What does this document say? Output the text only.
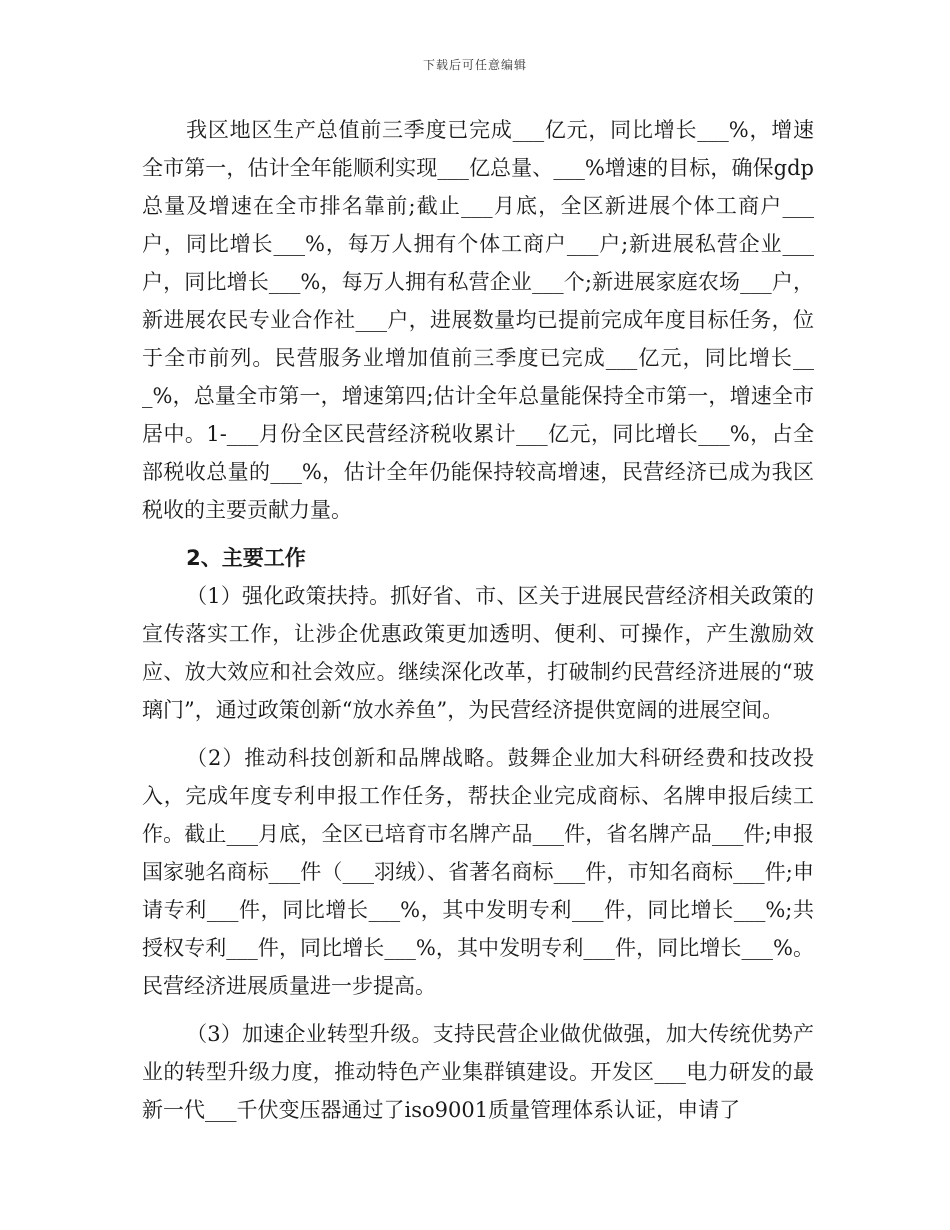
下载后可任意编辑

我区地区生产总值前三季度已完成___亿元，同比增长___%，增速全市第一，估计全年能顺利实现___亿总量、___%增速的目标，确保gdp总量及增速在全市排名靠前;截止___月底，全区新进展个体工商户___户，同比增长___%，每万人拥有个体工商户___户;新进展私营企业___户，同比增长___%，每万人拥有私营企业___个;新进展家庭农场___户，新进展农民专业合作社___户，进展数量均已提前完成年度目标任务，位于全市前列。民营服务业增加值前三季度已完成___亿元，同比增长___%，总量全市第一，增速第四;估计全年总量能保持全市第一，增速全市居中。1-___月份全区民营经济税收累计___亿元，同比增长___%，占全部税收总量的___%，估计全年仍能保持较高增速，民营经济已成为我区税收的主要贡献力量。

2、主要工作

（1）强化政策扶持。抓好省、市、区关于进展民营经济相关政策的宣传落实工作，让涉企优惠政策更加透明、便利、可操作，产生激励效应、放大效应和社会效应。继续深化改革，打破制约民营经济进展的“玻璃门”，通过政策创新“放水养鱼”，为民营经济提供宽阔的进展空间。

（2）推动科技创新和品牌战略。鼓舞企业加大科研经费和技改投入，完成年度专利申报工作任务，帮扶企业完成商标、名牌申报后续工作。截止___月底，全区已培育市名牌产品___件，省名牌产品___件;申报国家驰名商标___件（___羽绒）、省著名商标___件，市知名商标___件;申请专利___件，同比增长___%，其中发明专利___件，同比增长___%;共授权专利___件，同比增长___%，其中发明专利___件，同比增长___%。民营经济进展质量进一步提高。

（3）加速企业转型升级。支持民营企业做优做强，加大传统优势产业的转型升级力度，推动特色产业集群镇建设。开发区___电力研发的最新一代___千伏变压器通过了iso9001质量管理体系认证，申请了
